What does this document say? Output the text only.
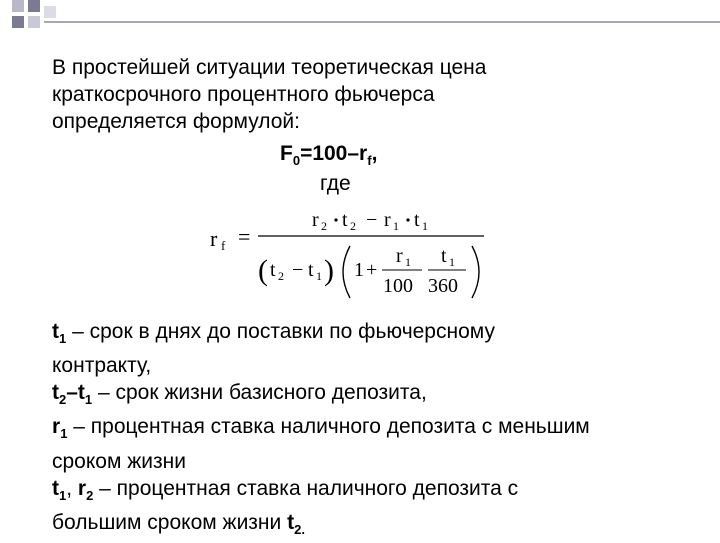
В простейшей ситуации теоретическая цена
краткосрочного процентного фьючерса
определяется формулой:
$F_0=100-r_f$,
где
r f =
r 2 t 2 − r 1 t 1
( t 2 − t 1 ) 1 +
r 1
100
t 1
360
$t_1$ – срок в днях до поставки по фьючерсному
контракту,
$t_2-t_1$ – срок жизни базисного депозита,
$r_1$ – процентная ставка наличного депозита с меньшим
сроком жизни
$t_1$, $r_2$ – процентная ставка наличного депозита с
большим сроком жизни $t_{2.}$
